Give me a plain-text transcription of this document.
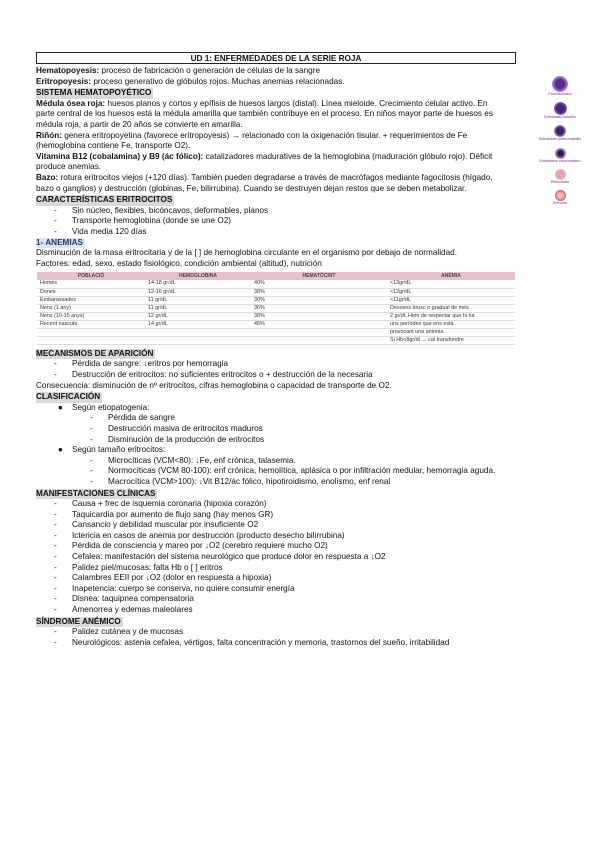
Proeritroblasto
Eritroblasto basófilo
Eritroblasto policromatófilo
Eritroblasto ortocromático
Reticulocito
Eritrocito
UD 1: ENFERMEDADES DE LA SERIE ROJA
Hematopoyesis: proceso de fabricación o generación de células de la sangre
Eritropoyesis: proceso generativo de glóbulos rojos. Muchas anemias relacionadas.
SISTEMA HEMATOPOYÉTICO
Médula ósea roja: huesos planos y cortos y epífisis de huesos largos (distal). Línea mieloide. Crecimiento celular activo. En
parte central de los huesos está la médula amarilla que también contribuye en el proceso. En niños mayor parte de huesos es
médula roja, a partir de 20 años se convierte en amarilla.
Riñón: genera eritropoyetina (favorece eritropoyesis) → relacionado con la oxigenación tisular. + requerimientos de Fe
(hemoglobina contiene Fe, transporte O2).
Vitamina B12 (cobalamina) y B9 (ác fólico): catalizadores maduratives de la hemoglobina (maduración glóbulo rojo). Déficit
produce anemias.
Bazo: rotura eritrocitos viejos (+120 días). También pueden degradarse a través de macrófagos mediante fagocitosis (hígado,
bazo o ganglios) y destrucción (globinas, Fe, bilirrubina). Cuando se destruyen dejan restos que se deben metabolizar.
CARACTERÍSTICAS ERITROCITOS
- Sin núcleo, flexibles, bicóncavos, deformables, planos
- Transporte hemoglobina (donde se une O2)
- Vida media 120 días
1- ANEMIAS
Disminución de la masa eritrocitaria y de la [ ] de hemoglobina circulante en el organismo por debajo de normalidad.
Factores: edad, sexo, estado fisiológico, condición ambiental (altitud), nutrición
POBLACIÓ	HEMOGLOBINA	HEMATÒCRIT	ANÈMIA
Homes	14-18 gr/dL	40%	<13gr/dL
Dones	12-16 gr/dL	38%	<12gr/dL
Embarassades	11 gr/dL	30%	<11gr/dL
Nens (1 any)	11 gr/dL	36%	Descens brusc o gradual de més
Nens (10-15 anys)	12 gr/dL	38%	2 gr/dl. Hem de respectar que hi ha
Recent nascuts	14 gr/dL	45%	uns períodes que ens està
			provocant una anèmia
			Si Hb<8gr/dl → cal transfondre
MECANISMOS DE APARICIÓN
- Pérdida de sangre: ↓eritros por hemorragia
- Destrucción de eritrocitos: no suficientes eritrocitos o + destrucción de la necesaria
Consecuencia: disminución de nº eritrocitos, cifras hemoglobina o capacidad de transporte de O2.
CLASIFICACIÓN
● Según etiopatogenia:
- Pérdida de sangre
- Destrucción masiva de eritrocitos maduros
- Disminución de la producción de eritrocitos
● Según tamaño eritrocitos:
- Microcíticas (VCM<80): ↓Fe, enf crónica, talasemia.
- Normocíticas (VCM 80-100): enf crónica, hemolítica, aplásica o por infiltración medular, hemorragia aguda.
- Macrocítica (VCM>100): ↓Vit B12/ác fólico, hipotiroidismo, enolismo, enf renal
MANIFESTACIONES CLÍNICAS
- Causa + frec de isquemia coronaria (hipoxia corazón)
- Taquicardia por aumento de flujo sang (hay menos GR)
- Cansancio y debilidad muscular por insuficiente O2
- Ictericia en casos de anemia por destrucción (producto desecho bilirrubina)
- Pérdida de consciencia y mareo por ↓O2 (cerebro requiere mucho O2)
- Cefalea: manifestación del sistema neurológico que produce dolor en respuesta a ↓O2
- Palidez piel/mucosas: falta Hb o [ ] eritros
- Calambres EEII por ↓O2 (dolor en respuesta a hipoxia)
- Inapetencia: cuerpo se conserva, no quiere consumir energía
- Disnea: taquipnea compensatoria
- Amenorrea y edemas maleolares
SÍNDROME ANÉMICO
- Palidez cutánea y de mucosas
- Neurológicos: astenia cefalea, vértigos, falta concentración y memoria, trastornos del sueño, irritabilidad
